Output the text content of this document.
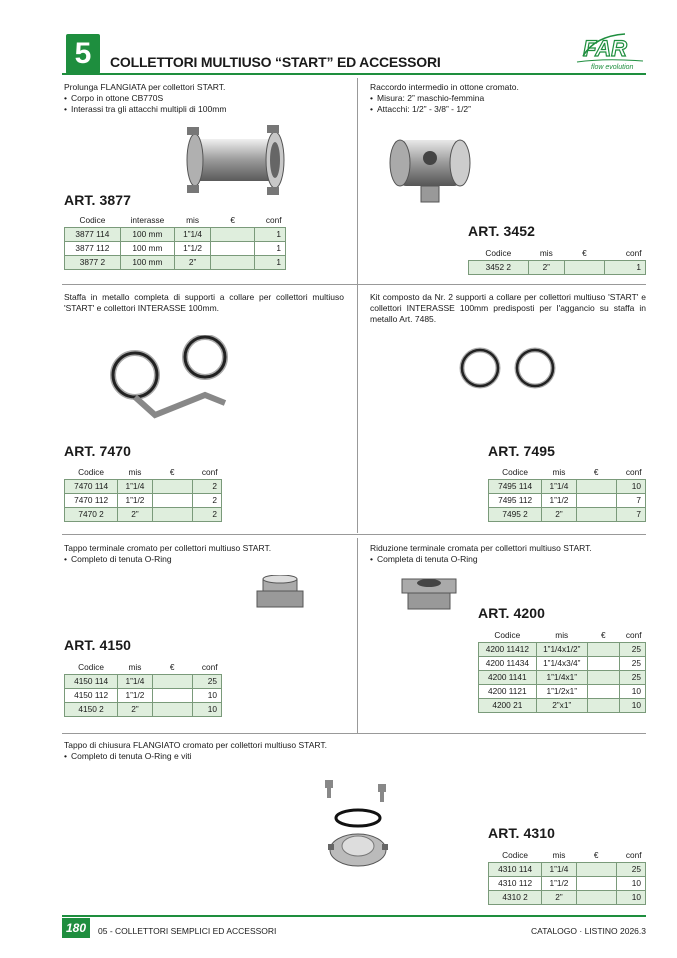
5	COLLETTORI MULTIUSO “START” ED ACCESSORI
FAR
flow evolution
Prolunga FLANGIATA per collettori START.
• Corpo in ottone CB770S
• Interassi tra gli attacchi multipli di 100mm
ART. 3877
Codice	interasse	mis	€	conf
3877 114	100 mm	1”1/4		1
3877 112	100 mm	1”1/2		1
3877 2	100 mm	2”		1
Raccordo intermedio in ottone cromato.
• Misura: 2” maschio-femmina
• Attacchi: 1/2” - 3/8” - 1/2”
ART. 3452
Codice	mis	€	conf
3452 2	2”		1
Staffa in metallo completa di supporti a collare per collettori multiuso 'START' e collettori INTERASSE 100mm.
ART. 7470
Codice	mis	€	conf
7470 114	1”1/4		2
7470 112	1”1/2		2
7470 2	2”		2
Kit composto da Nr. 2 supporti a collare per collettori multiuso 'START' e collettori INTERASSE 100mm predisposti per l'aggancio su staffa in metallo Art. 7485.
ART. 7495
Codice	mis	€	conf
7495 114	1”1/4		10
7495 112	1”1/2		7
7495 2	2”		7
Tappo terminale cromato per collettori multiuso START.
• Completo di tenuta O-Ring
ART. 4150
Codice	mis	€	conf
4150 114	1”1/4		25
4150 112	1”1/2		10
4150 2	2”		10
Riduzione terminale cromata per collettori multiuso START.
• Completa di tenuta O-Ring
ART. 4200
Codice	mis	€	conf
4200 11412	1”1/4x1/2”		25
4200 11434	1”1/4x3/4”		25
4200 1141	1”1/4x1”		25
4200 1121	1”1/2x1”		10
4200 21	2”x1”		10
Tappo di chiusura FLANGIATO cromato per collettori multiuso START.
• Completo di tenuta O-Ring e viti
ART. 4310
Codice	mis	€	conf
4310 114	1”1/4		25
4310 112	1”1/2		10
4310 2	2”		10
180	05 - COLLETTORI SEMPLICI ED ACCESSORI	CATALOGO · LISTINO 2026.3
